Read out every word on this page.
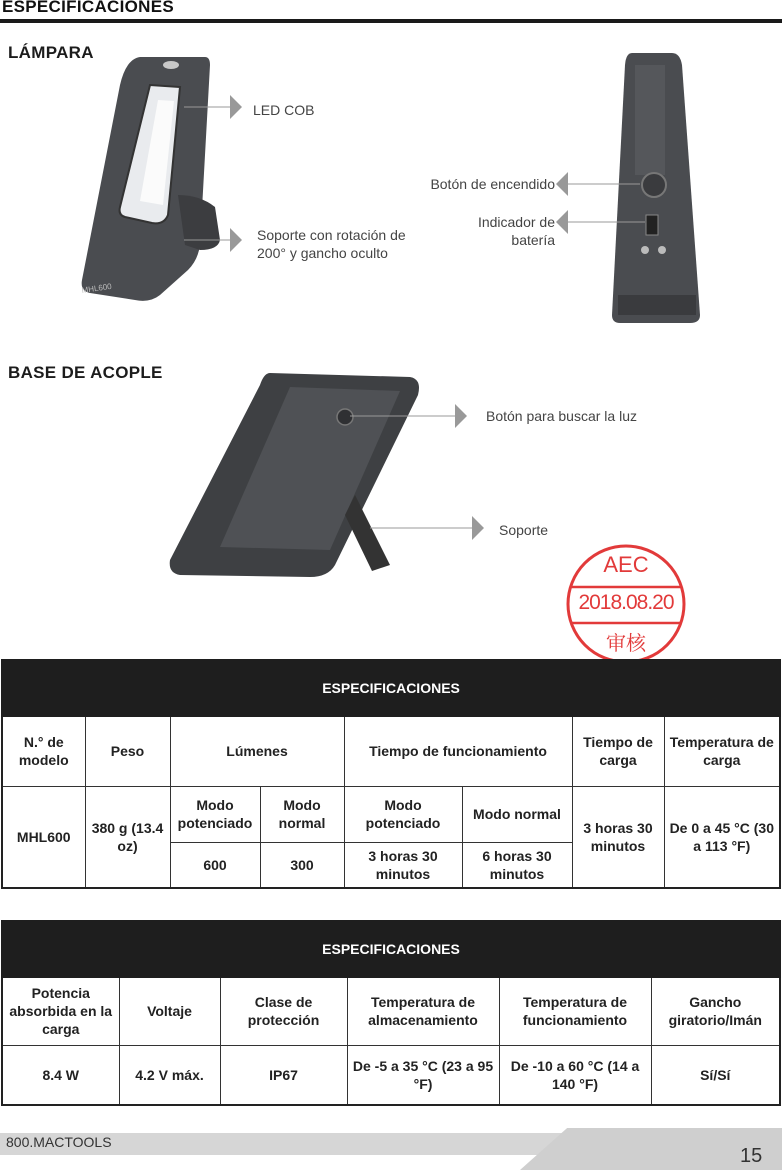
ESPECIFICACIONES
LÁMPARA
MHL600
LED COB
Soporte con rotación de 200° y gancho oculto
Botón de encendido
Indicador de batería
BASE DE ACOPLE
Botón para buscar la luz
Soporte
AEC
2018.08.20
审核
ESPECIFICACIONES							
N.° de modelo	Peso	Lúmenes		Tiempo de funcionamiento		Tiempo de carga	Temperatura de carga
MHL600	380 g (13.4 oz)	Modo potenciado	Modo normal	Modo potenciado	Modo normal	3 horas 30 minutos	De 0 a 45 °C (30 a 113 °F)
		600	300	3 horas 30 minutos	6 horas 30 minutos		
ESPECIFICACIONES					
Potencia absorbida en la carga	Voltaje	Clase de protección	Temperatura de almacenamiento	Temperatura de funcionamiento	Gancho giratorio/Imán
8.4 W	4.2 V máx.	IP67	De -5 a 35 °C (23 a 95 °F)	De -10 a 60 °C (14 a 140 °F)	Sí/Sí
800.MACTOOLS
15
